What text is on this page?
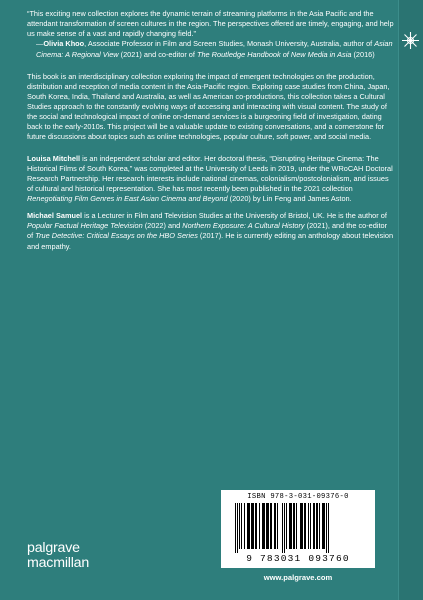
“This exciting new collection explores the dynamic terrain of streaming platforms in the Asia Pacific and the attendant transformation of screen cultures in the region. The perspectives offered are timely, engaging, and help us make sense of a vast and rapidly changing field.”

—Olivia Khoo, Associate Professor in Film and Screen Studies, Monash University, Australia, author of Asian Cinema: A Regional View (2021) and co-editor of The Routledge Handbook of New Media in Asia (2016)

This book is an interdisciplinary collection exploring the impact of emergent technologies on the production, distribution and reception of media content in the Asia-Pacific region. Exploring case studies from China, Japan, South Korea, India, Thailand and Australia, as well as American co-productions, this collection takes a Cultural Studies approach to the constantly evolving ways of accessing and interacting with visual content. The study of the social and technological impact of online on-demand services is a burgeoning field of investigation, dating back to the early-2010s. This project will be a valuable update to existing conversations, and a cornerstone for future discussions about topics such as online technologies, popular culture, soft power, and social media.

Louisa Mitchell is an independent scholar and editor. Her doctoral thesis, “Disrupting Heritage Cinema: The Historical Films of South Korea,” was completed at the University of Leeds in 2019, under the WRoCAH Doctoral Research Partnership. Her research interests include national cinemas, colonialism/postcolonialism, and issues of cultural and historical representation. She has most recently been published in the 2021 collection Renegotiating Film Genres in East Asian Cinema and Beyond (2020) by Lin Feng and James Aston.

Michael Samuel is a Lecturer in Film and Television Studies at the University of Bristol, UK. He is the author of Popular Factual Heritage Television (2022) and Northern Exposure: A Cultural History (2021), and the co-editor of True Detective: Critical Essays on the HBO Series (2017). He is currently editing an anthology about television and empathy.

ISBN 978-3-031-09376-0
9 783031 093760
www.palgrave.com
palgrave
macmillan
